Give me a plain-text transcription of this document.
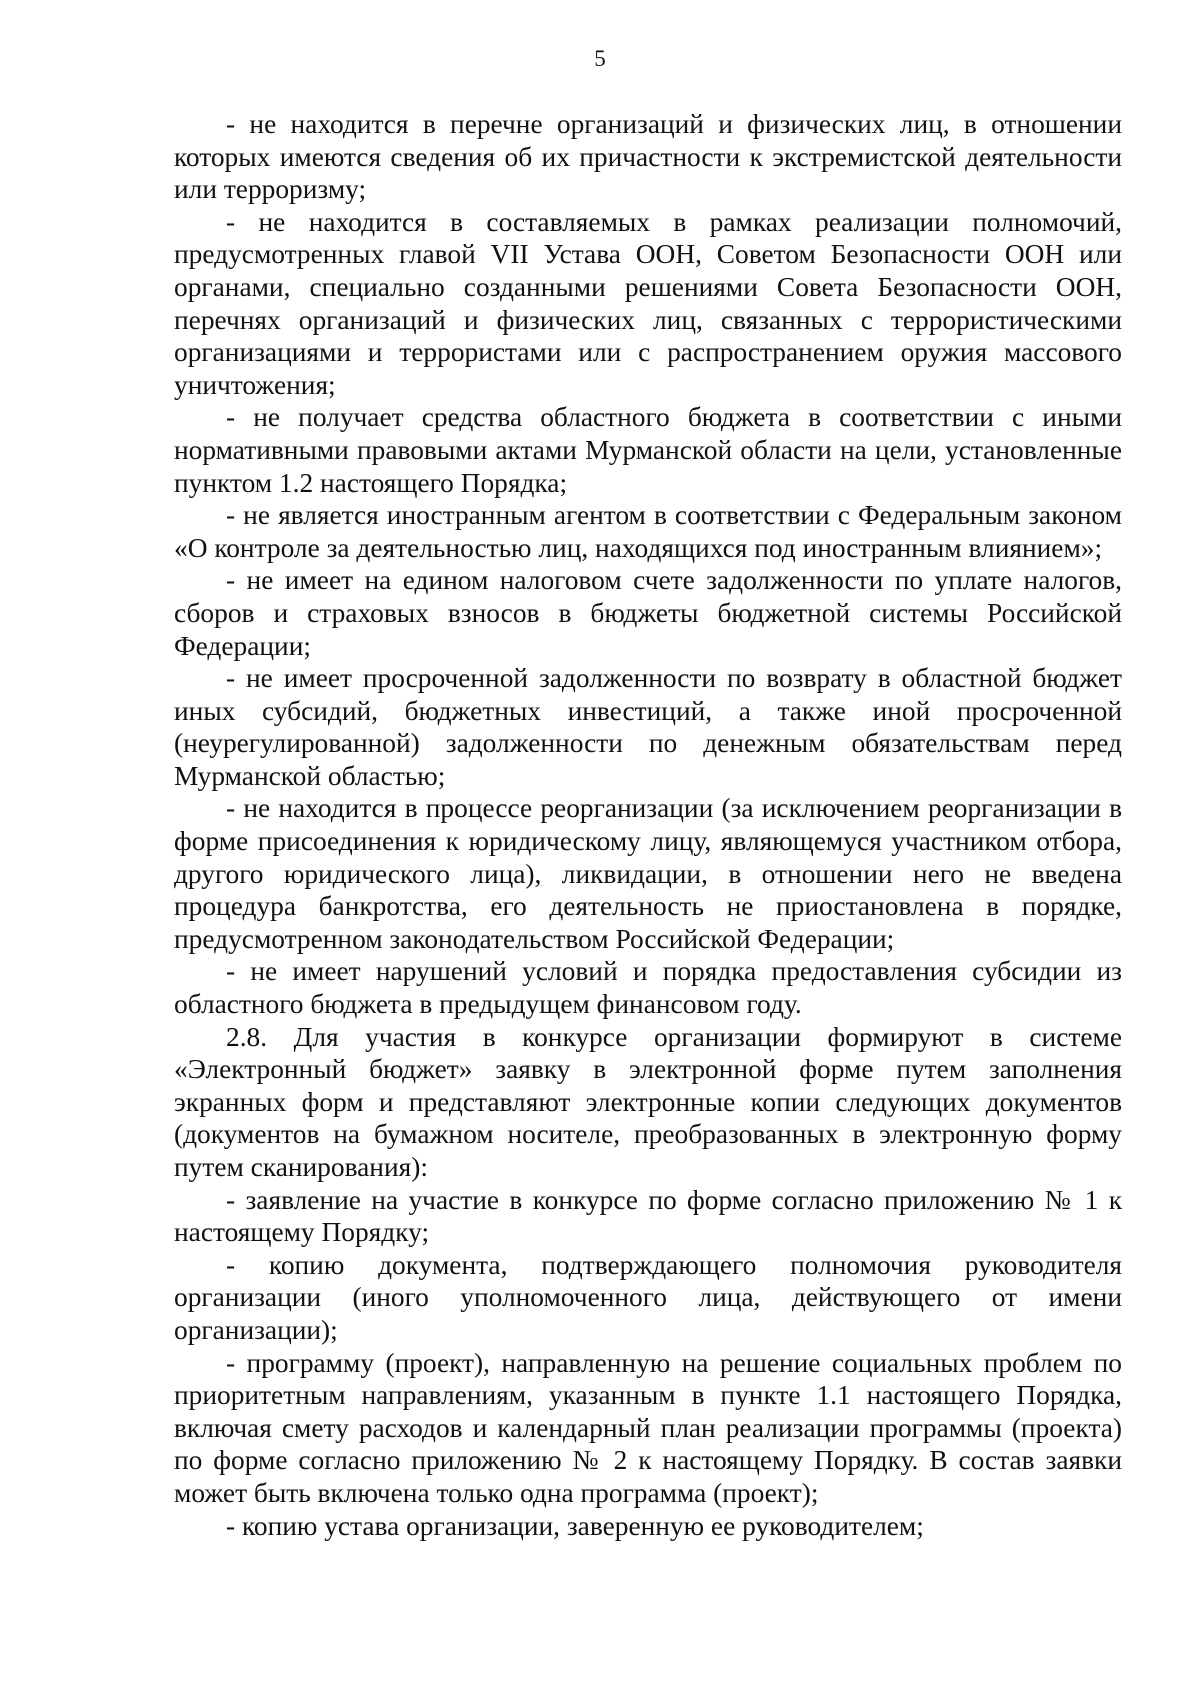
5

- не находится в перечне организаций и физических лиц, в отношении которых имеются сведения об их причастности к экстремистской деятельности или терроризму;

- не находится в составляемых в рамках реализации полномочий, предусмотренных главой VII Устава ООН, Советом Безопасности ООН или органами, специально созданными решениями Совета Безопасности ООН, перечнях организаций и физических лиц, связанных с террористическими организациями и террористами или с распространением оружия массового уничтожения;

- не получает средства областного бюджета в соответствии с иными нормативными правовыми актами Мурманской области на цели, установленные пунктом 1.2 настоящего Порядка;

- не является иностранным агентом в соответствии с Федеральным законом «О контроле за деятельностью лиц, находящихся под иностранным влиянием»;

- не имеет на едином налоговом счете задолженности по уплате налогов, сборов и страховых взносов в бюджеты бюджетной системы Российской Федерации;

- не имеет просроченной задолженности по возврату в областной бюджет иных субсидий, бюджетных инвестиций, а также иной просроченной (неурегулированной) задолженности по денежным обязательствам перед Мурманской областью;

- не находится в процессе реорганизации (за исключением реорганизации в форме присоединения к юридическому лицу, являющемуся участником отбора, другого юридического лица), ликвидации, в отношении него не введена процедура банкротства, его деятельность не приостановлена в порядке, предусмотренном законодательством Российской Федерации;

- не имеет нарушений условий и порядка предоставления субсидии из областного бюджета в предыдущем финансовом году.

2.8. Для участия в конкурсе организации формируют в системе «Электронный бюджет» заявку в электронной форме путем заполнения экранных форм и представляют электронные копии следующих документов (документов на бумажном носителе, преобразованных в электронную форму путем сканирования):

- заявление на участие в конкурсе по форме согласно приложению № 1 к настоящему Порядку;

- копию документа, подтверждающего полномочия руководителя организации (иного уполномоченного лица, действующего от имени организации);

- программу (проект), направленную на решение социальных проблем по приоритетным направлениям, указанным в пункте 1.1 настоящего Порядка, включая смету расходов и календарный план реализации программы (проекта) по форме согласно приложению № 2 к настоящему Порядку. В состав заявки может быть включена только одна программа (проект);

- копию устава организации, заверенную ее руководителем;
